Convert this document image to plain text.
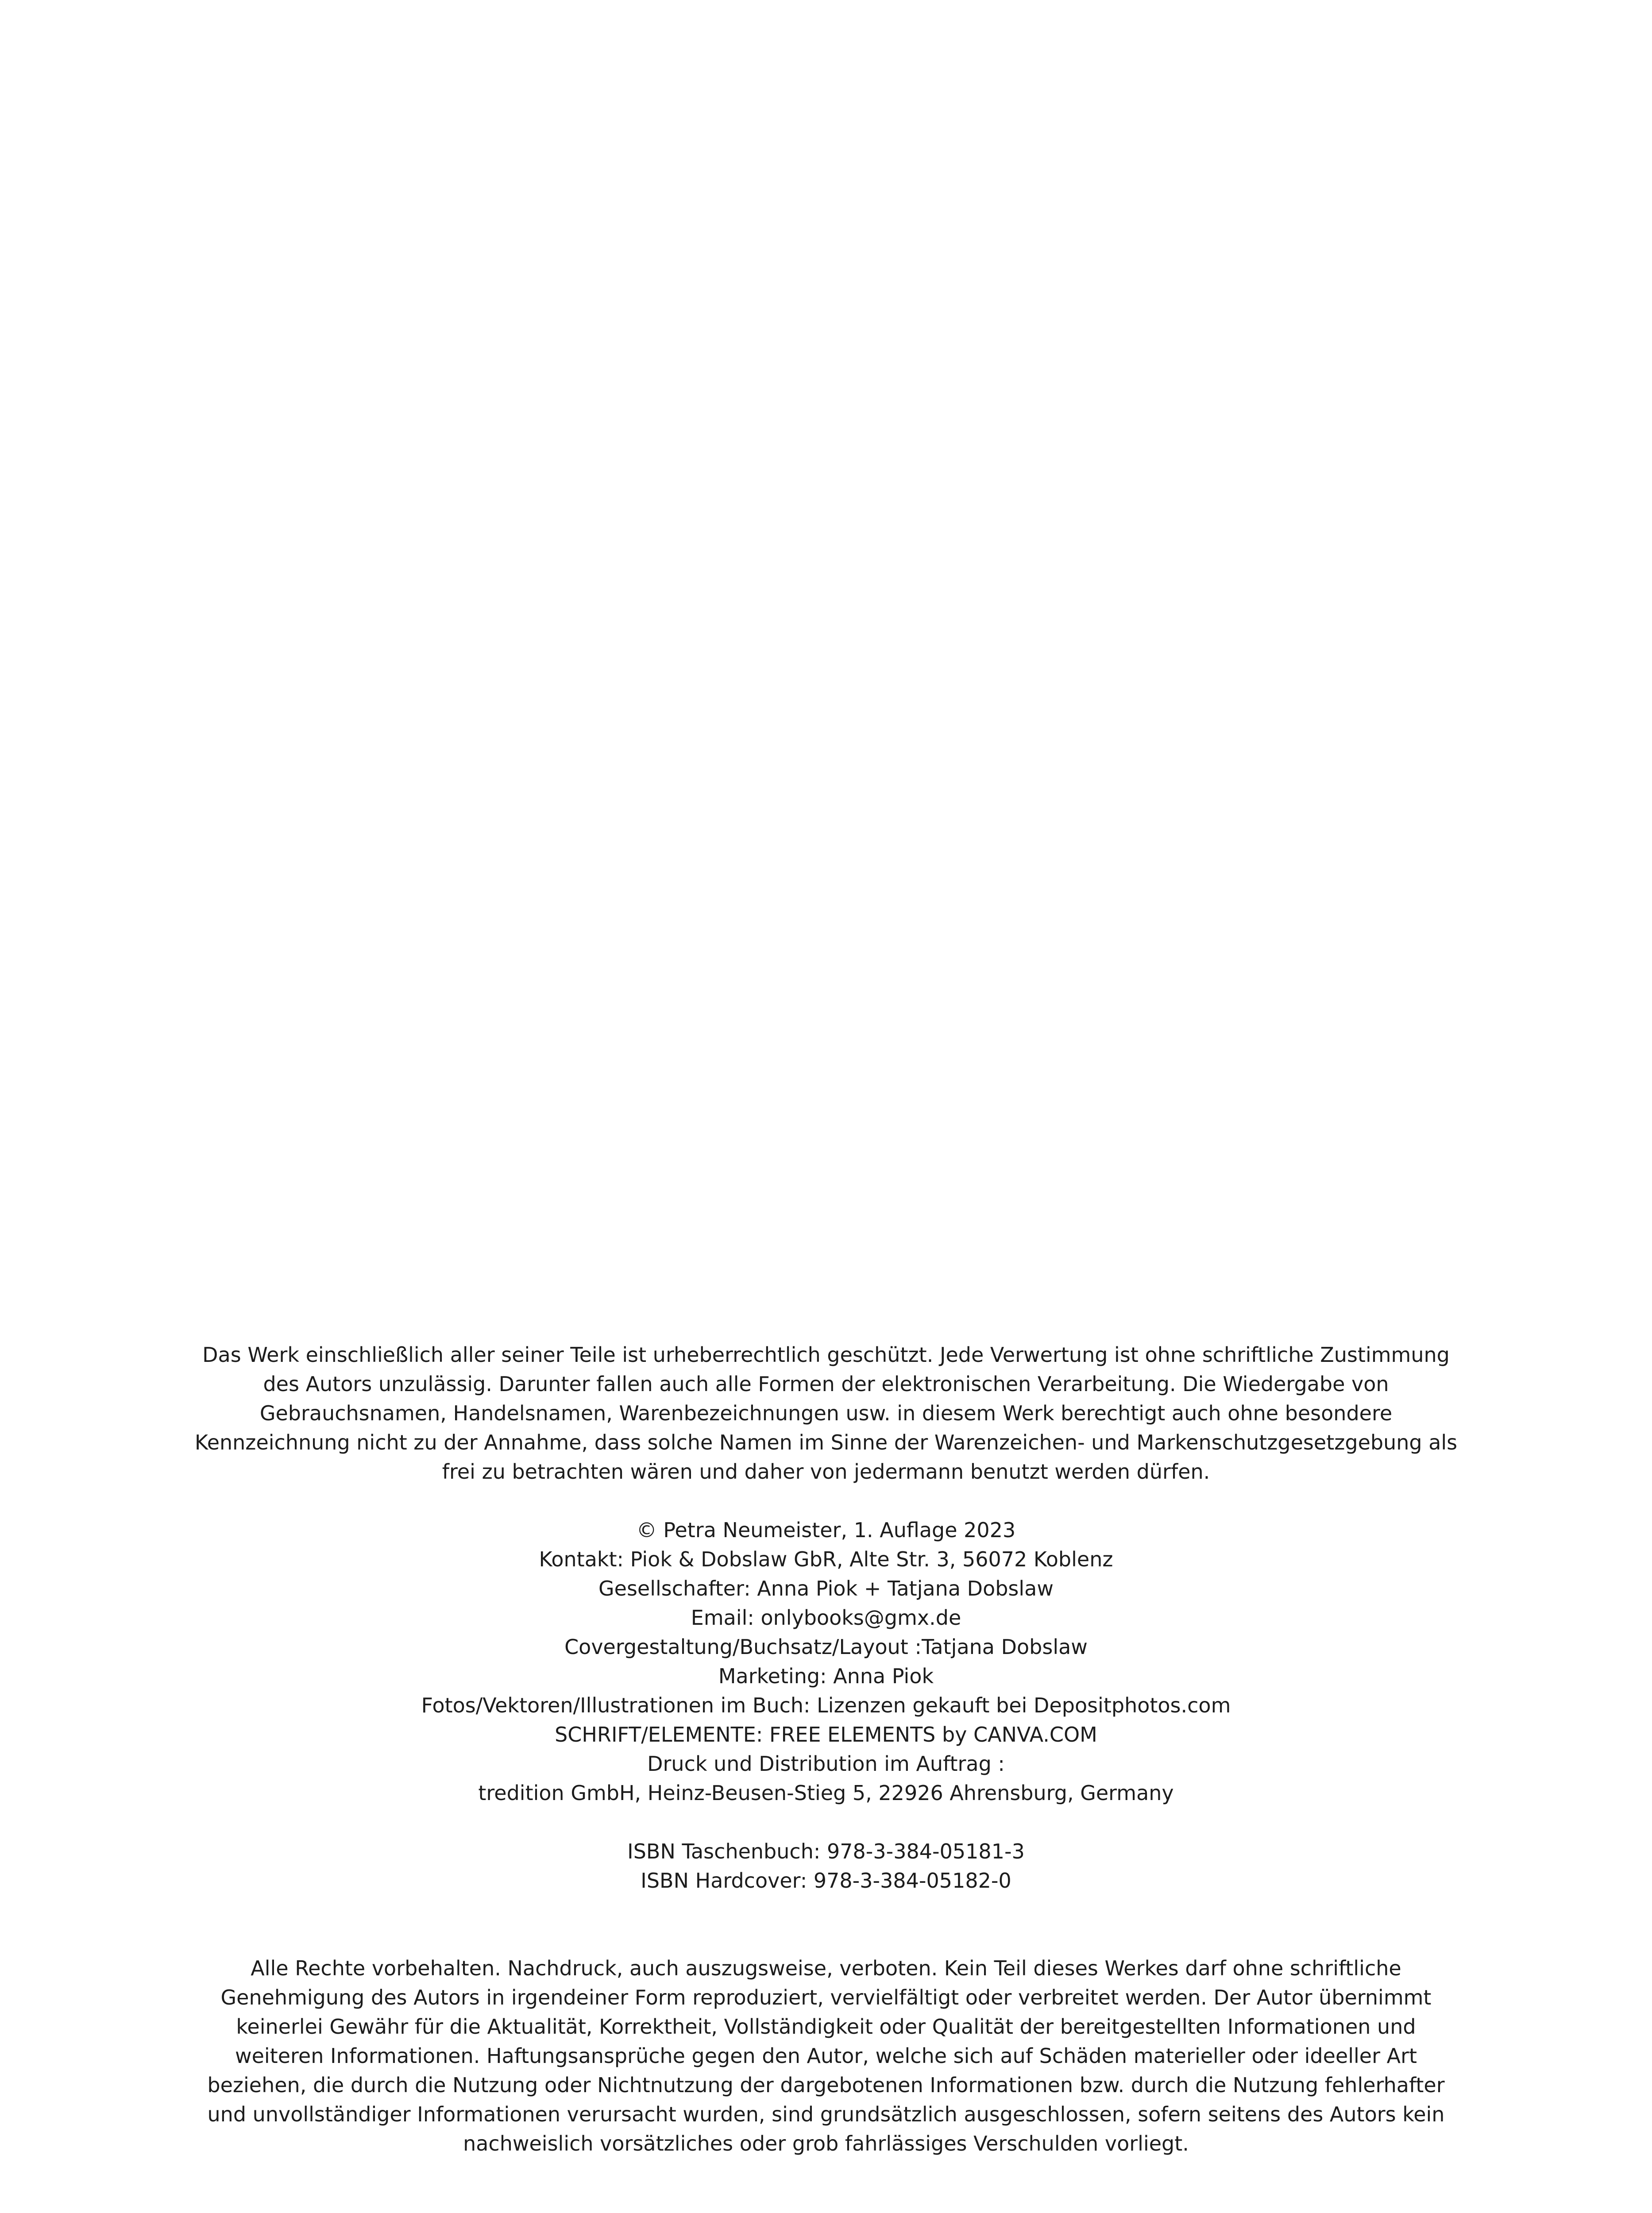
Das Werk einschließlich aller seiner Teile ist urheberrechtlich geschützt. Jede Verwertung ist ohne schriftliche Zustimmung
des Autors unzulässig. Darunter fallen auch alle Formen der elektronischen Verarbeitung. Die Wiedergabe von
Gebrauchsnamen, Handelsnamen, Warenbezeichnungen usw. in diesem Werk berechtigt auch ohne besondere
Kennzeichnung nicht zu der Annahme, dass solche Namen im Sinne der Warenzeichen- und Markenschutzgesetzgebung als
frei zu betrachten wären und daher von jedermann benutzt werden dürfen.
© Petra Neumeister, 1. Auflage 2023
Kontakt: Piok & Dobslaw GbR, Alte Str. 3, 56072 Koblenz
Gesellschafter: Anna Piok + Tatjana Dobslaw
Email: onlybooks@gmx.de
Covergestaltung/Buchsatz/Layout :Tatjana Dobslaw
Marketing: Anna Piok
Fotos/Vektoren/Illustrationen im Buch: Lizenzen gekauft bei Depositphotos.com
SCHRIFT/ELEMENTE: FREE ELEMENTS by CANVA.COM
Druck und Distribution im Auftrag :
tredition GmbH, Heinz-Beusen-Stieg 5, 22926 Ahrensburg, Germany
ISBN Taschenbuch: 978-3-384-05181-3
ISBN Hardcover: 978-3-384-05182-0
Alle Rechte vorbehalten. Nachdruck, auch auszugsweise, verboten. Kein Teil dieses Werkes darf ohne schriftliche
Genehmigung des Autors in irgendeiner Form reproduziert, vervielfältigt oder verbreitet werden. Der Autor übernimmt
keinerlei Gewähr für die Aktualität, Korrektheit, Vollständigkeit oder Qualität der bereitgestellten Informationen und
weiteren Informationen. Haftungsansprüche gegen den Autor, welche sich auf Schäden materieller oder ideeller Art
beziehen, die durch die Nutzung oder Nichtnutzung der dargebotenen Informationen bzw. durch die Nutzung fehlerhafter
und unvollständiger Informationen verursacht wurden, sind grundsätzlich ausgeschlossen, sofern seitens des Autors kein
nachweislich vorsätzliches oder grob fahrlässiges Verschulden vorliegt.
